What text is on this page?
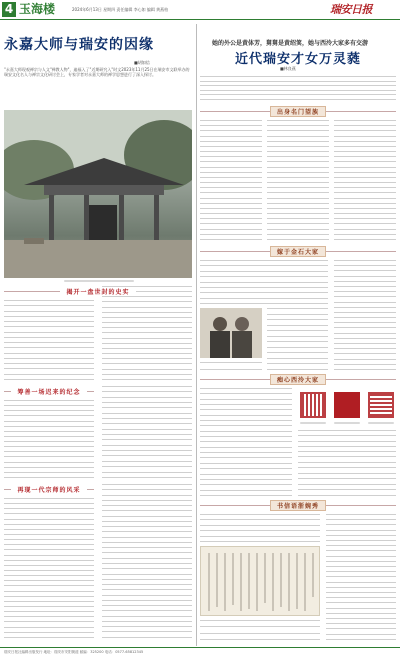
4 玉海楼	2024年6月13日 星期四 责任编辑 李心如 编辑 黄燕柏	瑞安日报
永嘉大师与瑞安的因缘
■胡如信
"永嘉大师现观禅宗与人文"禅教人物"，遍福入了"近期研究入"时文2023年11月25日在瑞安市文联举办的瑞安文化名人与禅宗文化研讨会上，专家学者对永嘉大师的禅学思想进行了深入探讨。
揭开一盘世封的史实
筹善一场迟来的纪念
再现一代宗师的风采
她的外公是黄体芳，舅舅是黄绍箕，她与西泠大家多有交游
近代瑞安才女万灵蕤
■林良燕
出身名门望族
嫁于金石大家
痴心西泠大家
书信语浙婉秀
瑞安日报社编辑出版发行 地址：瑞安市安阳街道 邮编：325200 电话：0577-65812345
